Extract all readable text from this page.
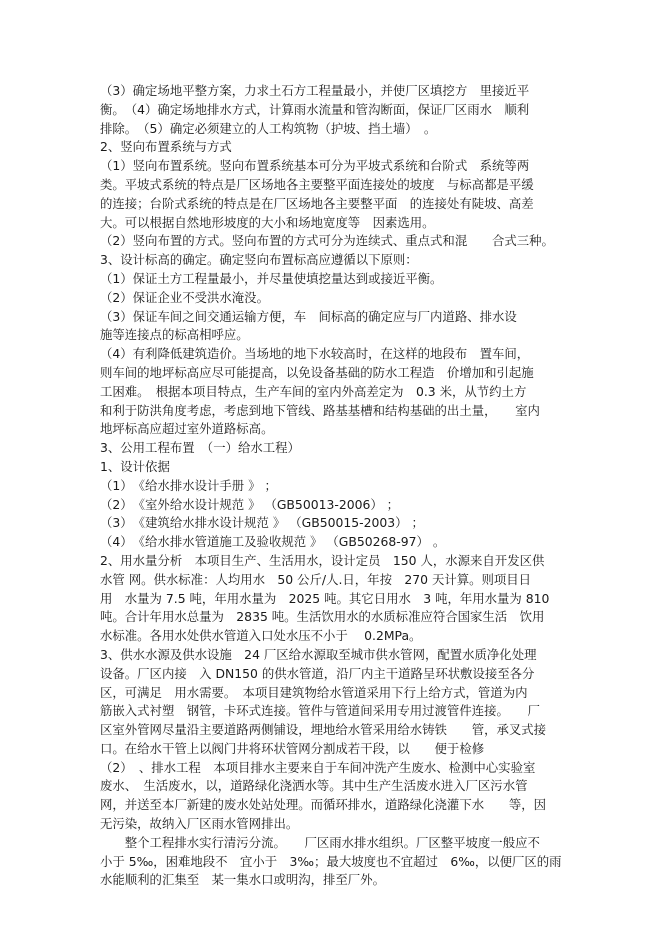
（3）确定场地平整方案，力求土石方工程量最小，并使厂区填挖方　里接近平
衡。　（4）确定场地排水方式，计算雨水流量和管沟断面，保证厂区雨水　顺利
排除。　（5）确定必须建立的人工构筑物（护坡、挡土墙）　。
2、竖向布置系统与方式
（1）竖向布置系统。竖向布置系统基本可分为平坡式系统和台阶式　系统等两
类。平坡式系统的特点是厂区场地各主要整平面连接处的坡度　与标高都是平缓
的连接；台阶式系统的特点是在厂区场地各主要整平面　的连接处有陡坡、高差
大。可以根据自然地形坡度的大小和场地宽度等　因素选用。
（2）竖向布置的方式。竖向布置的方式可分为连续式、重点式和混　　合式三种。
3、设计标高的确定。确定竖向布置标高应遵循以下原则：
（1）保证土方工程量最小，并尽量使填挖量达到或接近平衡。
（2）保证企业不受洪水淹没。
（3）保证车间之间交通运输方便，车　间标高的确定应与厂内道路、排水设
施等连接点的标高相呼应。
（4）有利降低建筑造价。当场地的地下水较高时，在这样的地段布　置车间，
则车间的地坪标高应尽可能提高，以免设备基础的防水工程造　价增加和引起施
工困难。　根据本项目特点，生产车间的室内外高差定为　0.3 米，从节约土方
和利于防洪角度考虑，考虑到地下管线、路基基槽和结构基础的出土量，　　室内
地坪标高应超过室外道路标高。
3、公用工程布置　（一）给水工程）
1、设计依据
（1）　《给水排水设计手册 》 ；
（2）　《室外给水设计规范 》 （GB50013-2006） ；
（3）　《建筑给水排水设计规范 》 （GB50015-2003） ；
（4）　《给水排水管道施工及验收规范 》 （GB50268-97） 。
2、用水量分析　本项目生产、生活用水，设计定员　150 人，水源来自开发区供
水管 网。供水标准：人均用水　50 公斤/人.日，年按　270 天计算。则项目日
用　水量为 7.5 吨，年用水量为　2025 吨。其它日用水　3 吨，年用水量为 810
吨。合计年用水总量为　2835 吨。生活饮用水的水质标准应符合国家生活　饮用
水标准。各用水处供水管道入口处水压不小于　 0.2MPa。
3、供水水源及供水设施　24 厂区给水源取至城市供水管网，配置水质净化处理
设备。厂区内接　入 DN150 的供水管道，沿厂内主干道路呈环状敷设接至各分
区，可满足　用水需要。　本项目建筑物给水管道采用下行上给方式，管道为内
筋嵌入式衬塑　钢管，卡环式连接。管件与管道间采用专用过渡管件连接。　　厂
区室外管网尽量沿主要道路两侧铺设，埋地给水管采用给水铸铁　　管，承叉式接
口。在给水干管上以阀门井将环状管网分割成若干段，以　　便于检修
（2）　、排水工程　本项目排水主要来自于车间冲洗产生废水、检测中心实验室
废水、　生活废水，以，道路绿化浇洒水等。其中生产生活废水进入厂区污水管
网，并送至本厂新建的废水处站处理。而循环排水，道路绿化浇灌下水　　等，因
无污染，故纳入厂区雨水管网排出。
　　整个工程排水实行清污分流。　　厂区雨水排水组织。厂区整平坡度一般应不
小于 5‰，困难地段不　宜小于　3‰；最大坡度也不宜超过　6‰，以便厂区的雨
水能顺利的汇集至　某一集水口或明沟，排至厂外。
